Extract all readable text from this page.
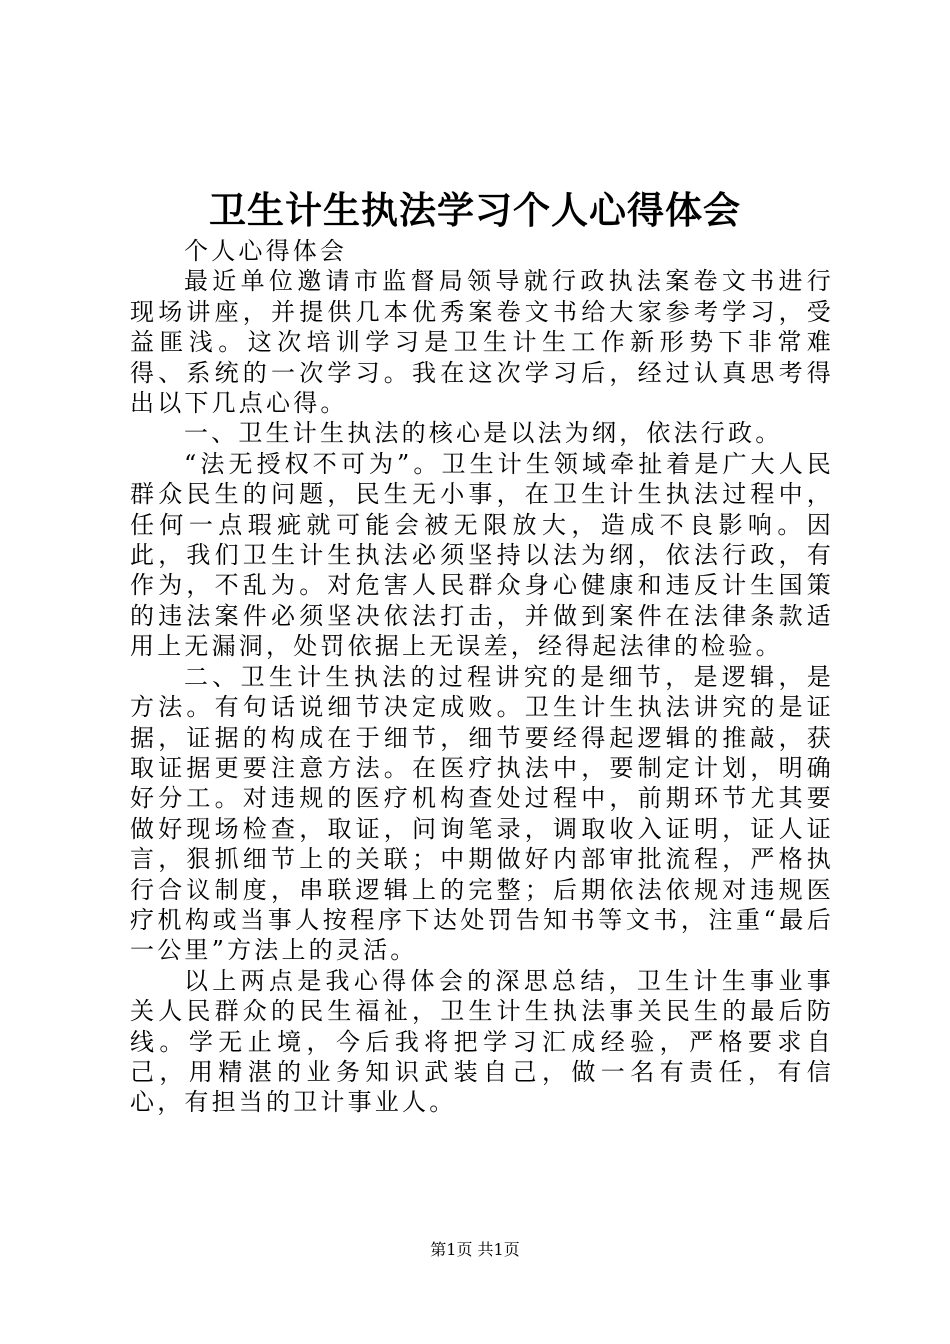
卫生计生执法学习个人心得体会

个人心得体会

最近单位邀请市监督局领导就行政执法案卷文书进行现场讲座，并提供几本优秀案卷文书给大家参考学习，受益匪浅。这次培训学习是卫生计生工作新形势下非常难得、系统的一次学习。我在这次学习后，经过认真思考得出以下几点心得。

一、卫生计生执法的核心是以法为纲，依法行政。

“法无授权不可为”。卫生计生领域牵扯着是广大人民群众民生的问题，民生无小事，在卫生计生执法过程中，任何一点瑕疵就可能会被无限放大，造成不良影响。因此，我们卫生计生执法必须坚持以法为纲，依法行政，有作为，不乱为。对危害人民群众身心健康和违反计生国策的违法案件必须坚决依法打击，并做到案件在法律条款适用上无漏洞，处罚依据上无误差，经得起法律的检验。

二、卫生计生执法的过程讲究的是细节，是逻辑，是方法。有句话说细节决定成败。卫生计生执法讲究的是证据，证据的构成在于细节，细节要经得起逻辑的推敲，获取证据更要注意方法。在医疗执法中，要制定计划，明确好分工。对违规的医疗机构查处过程中，前期环节尤其要做好现场检查，取证，问询笔录，调取收入证明，证人证言，狠抓细节上的关联；中期做好内部审批流程，严格执行合议制度，串联逻辑上的完整；后期依法依规对违规医疗机构或当事人按程序下达处罚告知书等文书，注重“最后一公里”方法上的灵活。

以上两点是我心得体会的深思总结，卫生计生事业事关人民群众的民生福祉，卫生计生执法事关民生的最后防线。学无止境，今后我将把学习汇成经验，严格要求自己，用精湛的业务知识武装自己，做一名有责任，有信心，有担当的卫计事业人。

第1页 共1页
